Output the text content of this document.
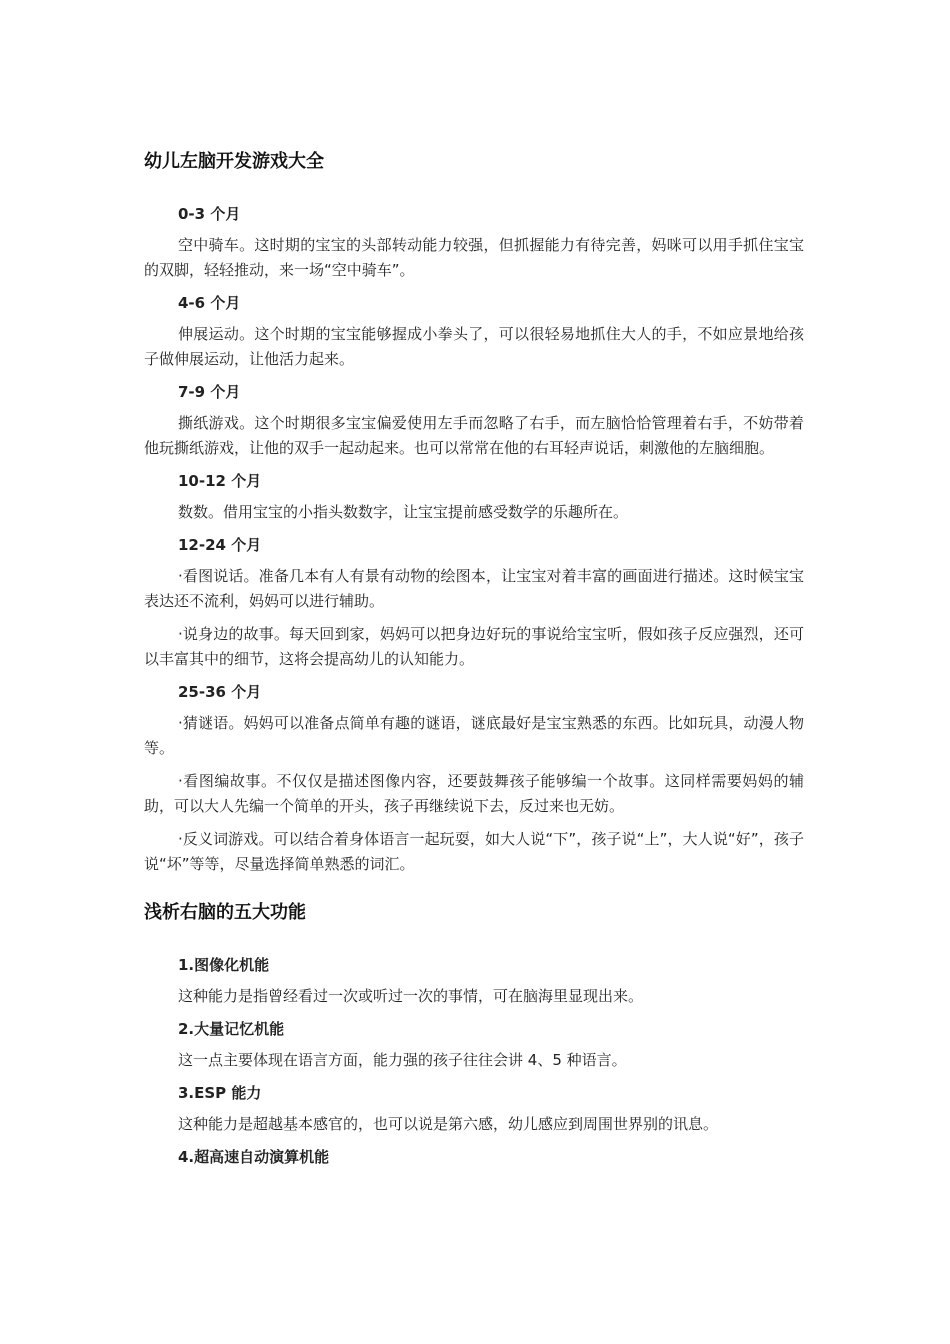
幼儿左脑开发游戏大全

0-3 个月

空中骑车。这时期的宝宝的头部转动能力较强，但抓握能力有待完善，妈咪可以用手抓住宝宝的双脚，轻轻推动，来一场“空中骑车”。

4-6 个月

伸展运动。这个时期的宝宝能够握成小拳头了，可以很轻易地抓住大人的手，不如应景地给孩子做伸展运动，让他活力起来。

7-9 个月

撕纸游戏。这个时期很多宝宝偏爱使用左手而忽略了右手，而左脑恰恰管理着右手，不妨带着他玩撕纸游戏，让他的双手一起动起来。也可以常常在他的右耳轻声说话，刺激他的左脑细胞。

10-12 个月

数数。借用宝宝的小指头数数字，让宝宝提前感受数学的乐趣所在。

12-24 个月

·看图说话。准备几本有人有景有动物的绘图本，让宝宝对着丰富的画面进行描述。这时候宝宝表达还不流利，妈妈可以进行辅助。

·说身边的故事。每天回到家，妈妈可以把身边好玩的事说给宝宝听，假如孩子反应强烈，还可以丰富其中的细节，这将会提高幼儿的认知能力。

25-36 个月

·猜谜语。妈妈可以准备点简单有趣的谜语，谜底最好是宝宝熟悉的东西。比如玩具，动漫人物等。

·看图编故事。不仅仅是描述图像内容，还要鼓舞孩子能够编一个故事。这同样需要妈妈的辅助，可以大人先编一个简单的开头，孩子再继续说下去，反过来也无妨。

·反义词游戏。可以结合着身体语言一起玩耍，如大人说“下”，孩子说“上”，大人说“好”，孩子说“坏”等等，尽量选择简单熟悉的词汇。

浅析右脑的五大功能

1.图像化机能

这种能力是指曾经看过一次或听过一次的事情，可在脑海里显现出来。

2.大量记忆机能

这一点主要体现在语言方面，能力强的孩子往往会讲 4、5 种语言。

3.ESP 能力

这种能力是超越基本感官的，也可以说是第六感，幼儿感应到周围世界别的讯息。

4.超高速自动演算机能
